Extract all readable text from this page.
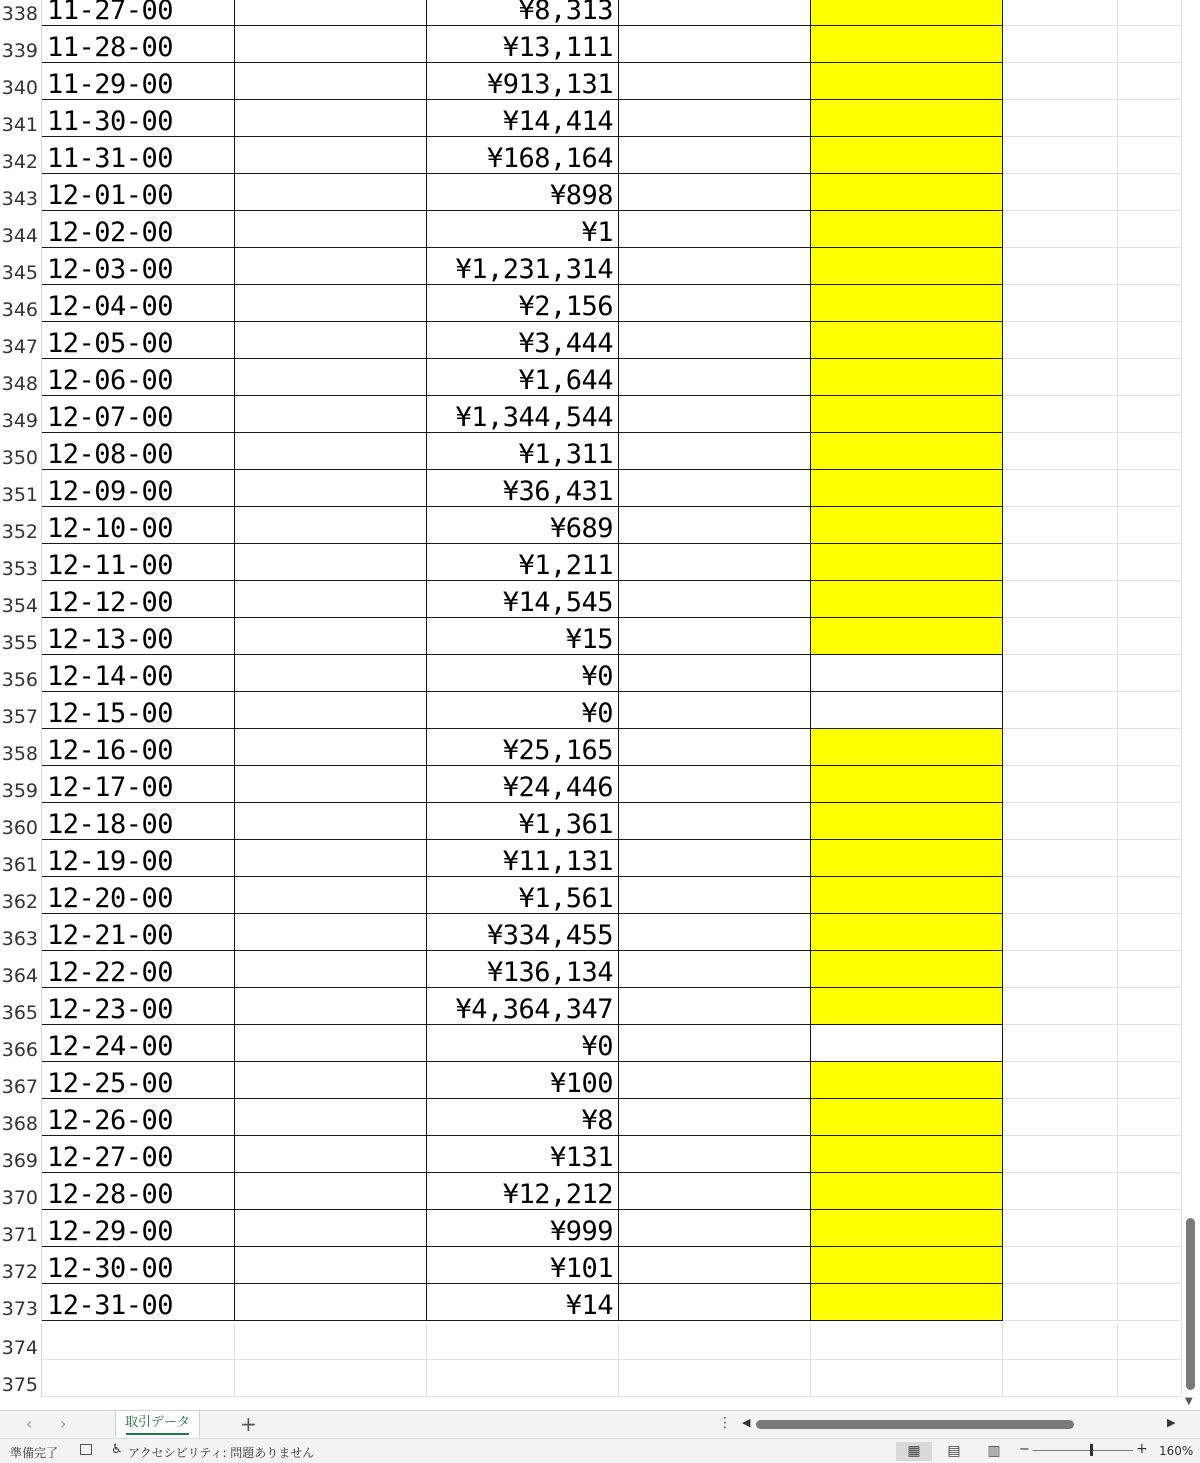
338 11-27-00	¥8,313
339 11-28-00	¥13,111
340 11-29-00	¥913,131
341 11-30-00	¥14,414
342 11-31-00	¥168,164
343 12-01-00	¥898
344 12-02-00	¥1
345 12-03-00	¥1,231,314
346 12-04-00	¥2,156
347 12-05-00	¥3,444
348 12-06-00	¥1,644
349 12-07-00	¥1,344,544
350 12-08-00	¥1,311
351 12-09-00	¥36,431
352 12-10-00	¥689
353 12-11-00	¥1,211
354 12-12-00	¥14,545
355 12-13-00	¥15
356 12-14-00	¥0
357 12-15-00	¥0
358 12-16-00	¥25,165
359 12-17-00	¥24,446
360 12-18-00	¥1,361
361 12-19-00	¥11,131
362 12-20-00	¥1,561
363 12-21-00	¥334,455
364 12-22-00	¥136,134
365 12-23-00	¥4,364,347
366 12-24-00	¥0
367 12-25-00	¥100
368 12-26-00	¥8
369 12-27-00	¥131
370 12-28-00	¥12,212
371 12-29-00	¥999
372 12-30-00	¥101
373 12-31-00	¥14
374
375
▼
‹ ›	取引データ	+	⋮ ◀	▶
準備完了	♿ アクセシビリティ: 問題ありません	▦	▤	▥	−	+ 160%
